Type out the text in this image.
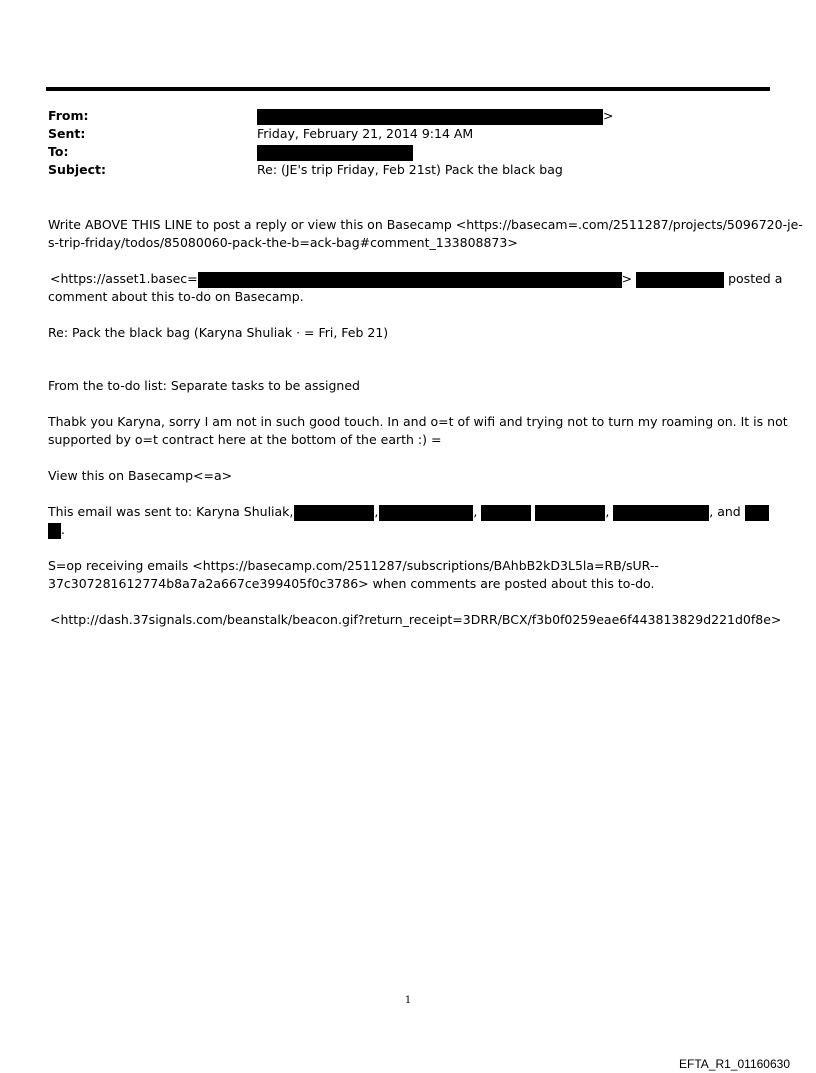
From:	>
Sent:	Friday, February 21, 2014 9:14 AM
To:
Subject:	Re: (JE's trip Friday, Feb 21st) Pack the black bag
Write ABOVE THIS LINE to post a reply or view this on Basecamp <https://basecam=.com/2511287/projects/5096720-je-
s-trip-friday/todos/85080060-pack-the-b=ack-bag#comment_133808873>
<https://asset1.basec=	>	posted a
comment about this to-do on Basecamp.
Re: Pack the black bag (Karyna Shuliak · = Fri, Feb 21)
From the to-do list: Separate tasks to be assigned
Thabk you Karyna, sorry I am not in such good touch. In and o=t of wifi and trying not to turn my roaming on. It is not
supported by o=t contract here at the bottom of the earth :) =
View this on Basecamp<=a>
This email was sent to: Karyna Shuliak,	,	,	,	, and
.
S=op receiving emails <https://basecamp.com/2511287/subscriptions/BAhbB2kD3L5la=RB/sUR--
37c307281612774b8a7a2a667ce399405f0c3786> when comments are posted about this to-do.
<http://dash.37signals.com/beanstalk/beacon.gif?return_receipt=3DRR/BCX/f3b0f0259eae6f443813829d221d0f8e>
1
EFTA_R1_01160630
